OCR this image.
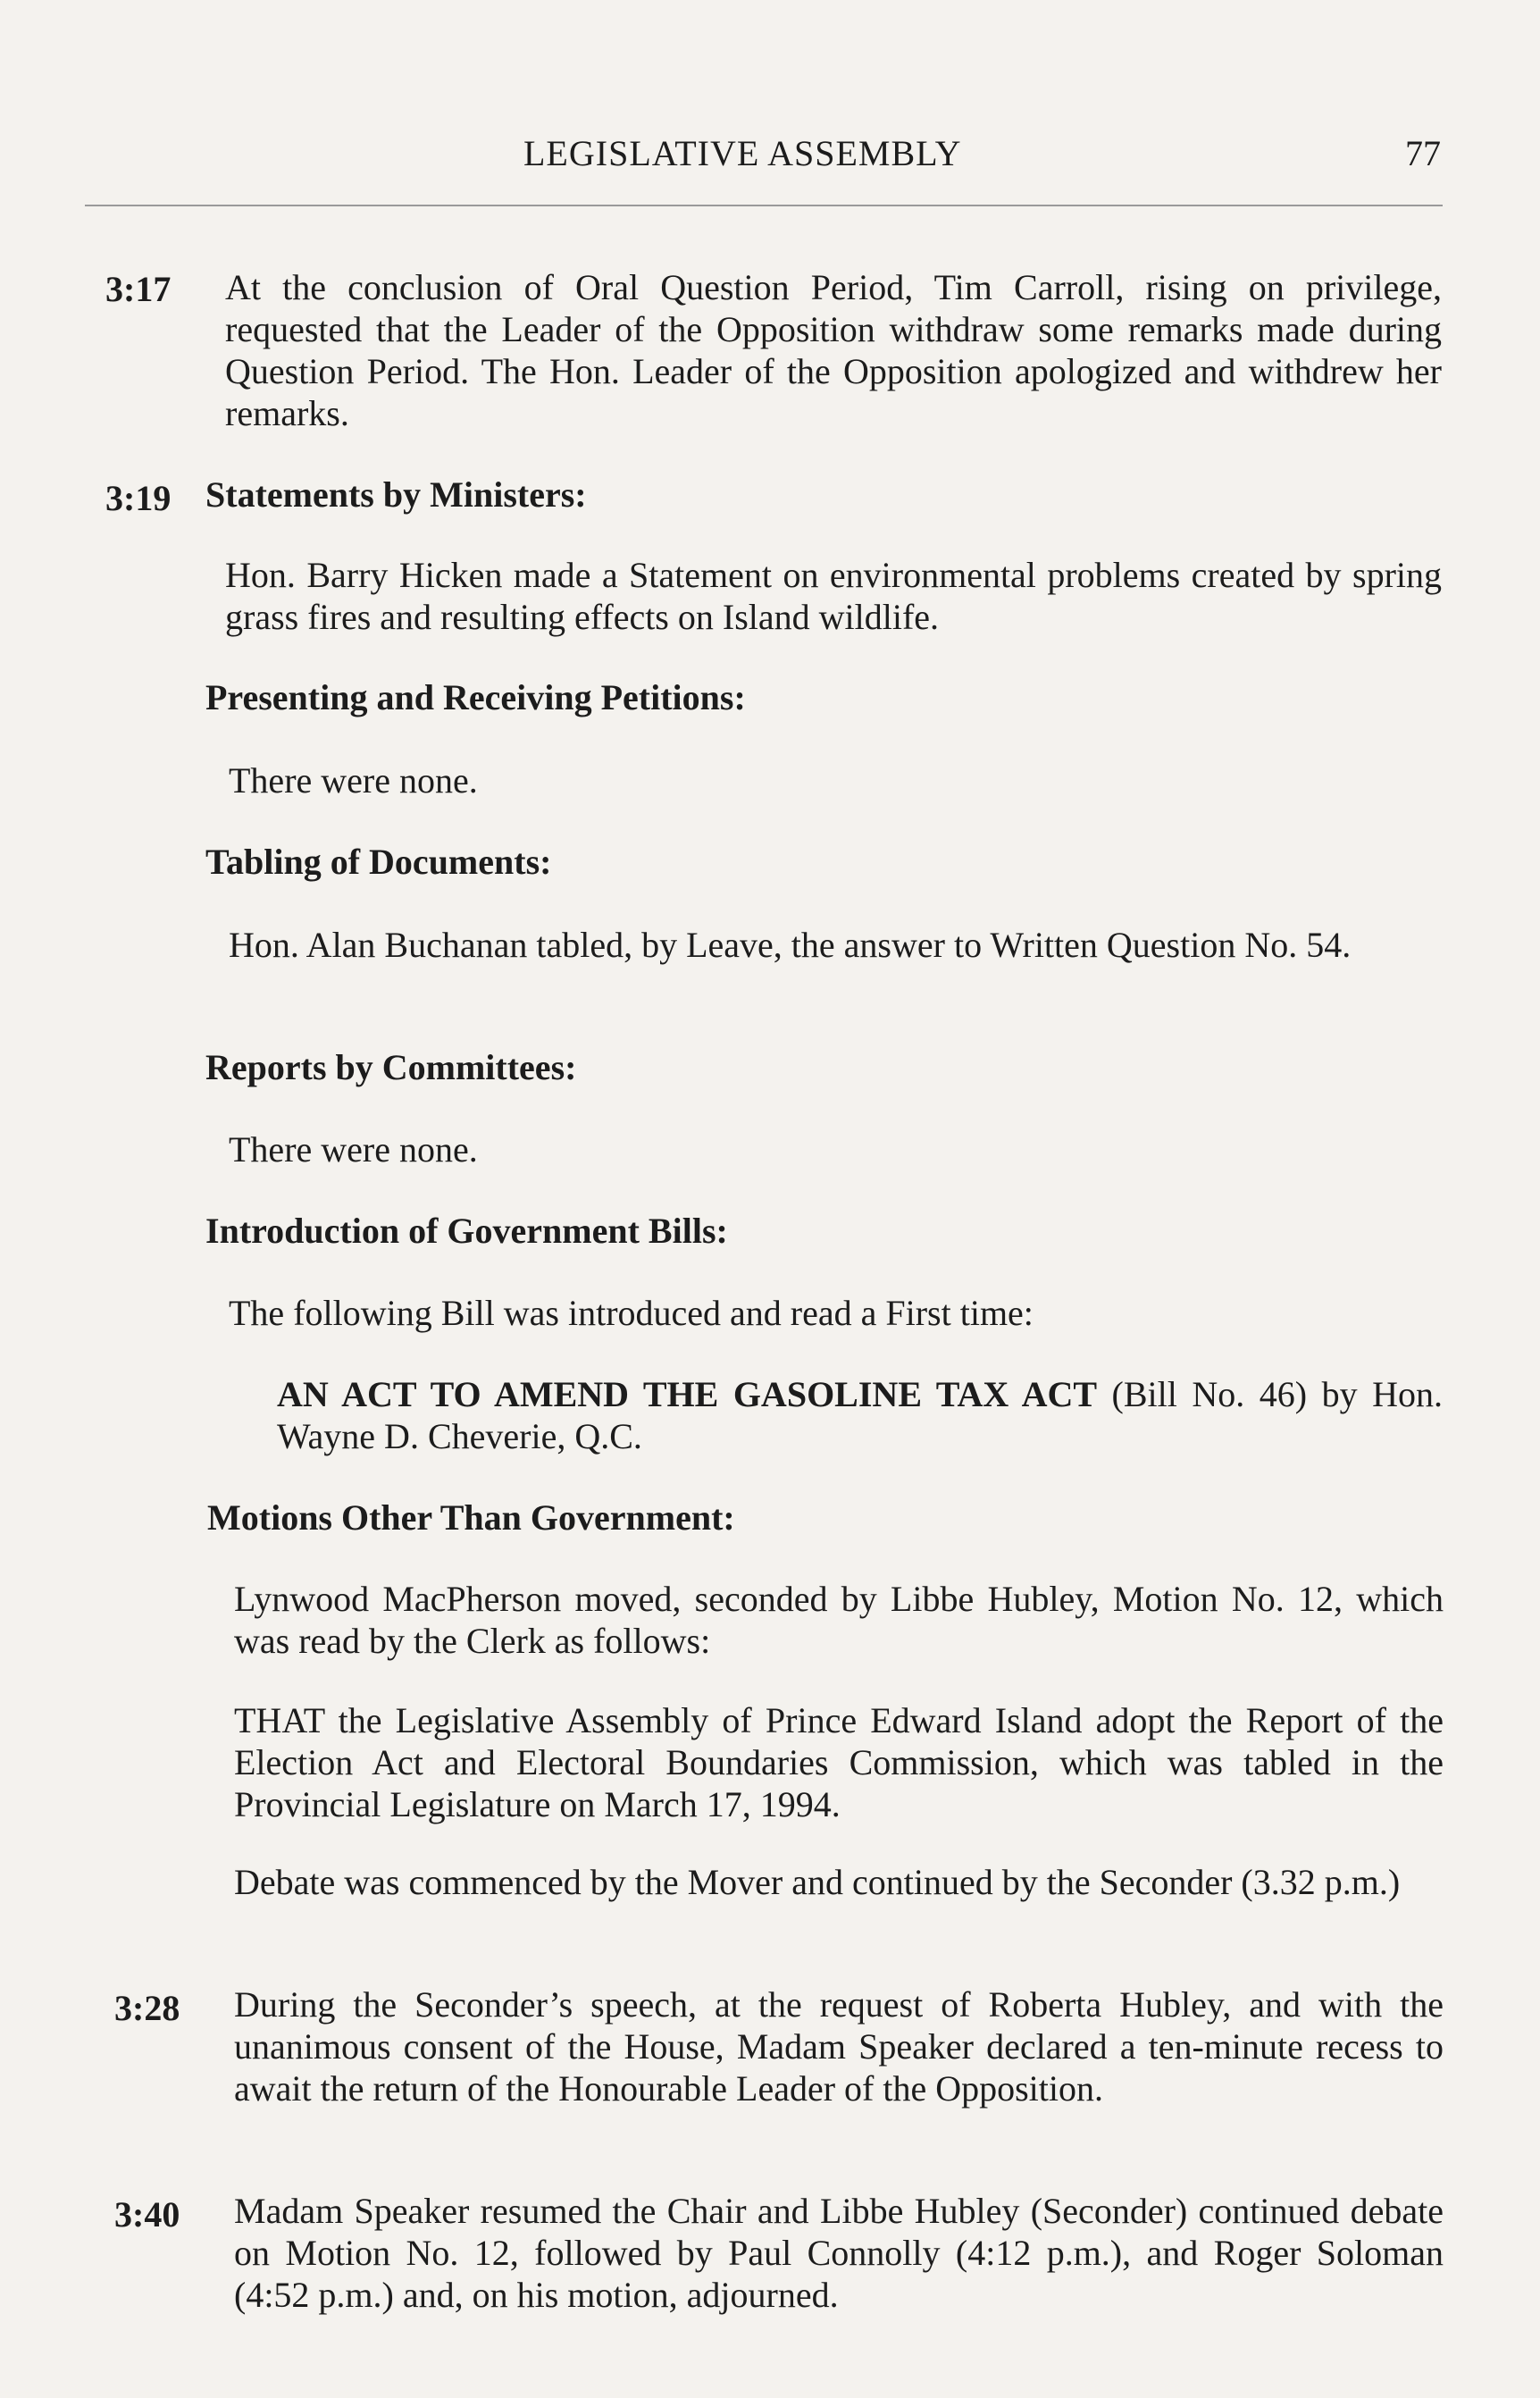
LEGISLATIVE ASSEMBLY	77
3:17 At the conclusion of Oral Question Period, Tim Carroll, rising on privilege, requested that the Leader of the Opposition withdraw some remarks made during Question Period. The Hon. Leader of the Opposition apologized and withdrew her remarks.
3:19 Statements by Ministers:
Hon. Barry Hicken made a Statement on environmental problems created by spring grass fires and resulting effects on Island wildlife.
Presenting and Receiving Petitions:
There were none.
Tabling of Documents:
Hon. Alan Buchanan tabled, by Leave, the answer to Written Question No. 54.
Reports by Committees:
There were none.
Introduction of Government Bills:
The following Bill was introduced and read a First time:
AN ACT TO AMEND THE GASOLINE TAX ACT (Bill No. 46) by Hon. Wayne D. Cheverie, Q.C.
Motions Other Than Government:
Lynwood MacPherson moved, seconded by Libbe Hubley, Motion No. 12, which was read by the Clerk as follows:
THAT the Legislative Assembly of Prince Edward Island adopt the Report of the Election Act and Electoral Boundaries Commission, which was tabled in the Provincial Legislature on March 17, 1994.
Debate was commenced by the Mover and continued by the Seconder (3.32 p.m.)
3:28 During the Seconder’s speech, at the request of Roberta Hubley, and with the unanimous consent of the House, Madam Speaker declared a ten-minute recess to await the return of the Honourable Leader of the Opposition.
3:40 Madam Speaker resumed the Chair and Libbe Hubley (Seconder) continued debate on Motion No. 12, followed by Paul Connolly (4:12 p.m.), and Roger Soloman (4:52 p.m.) and, on his motion, adjourned.
